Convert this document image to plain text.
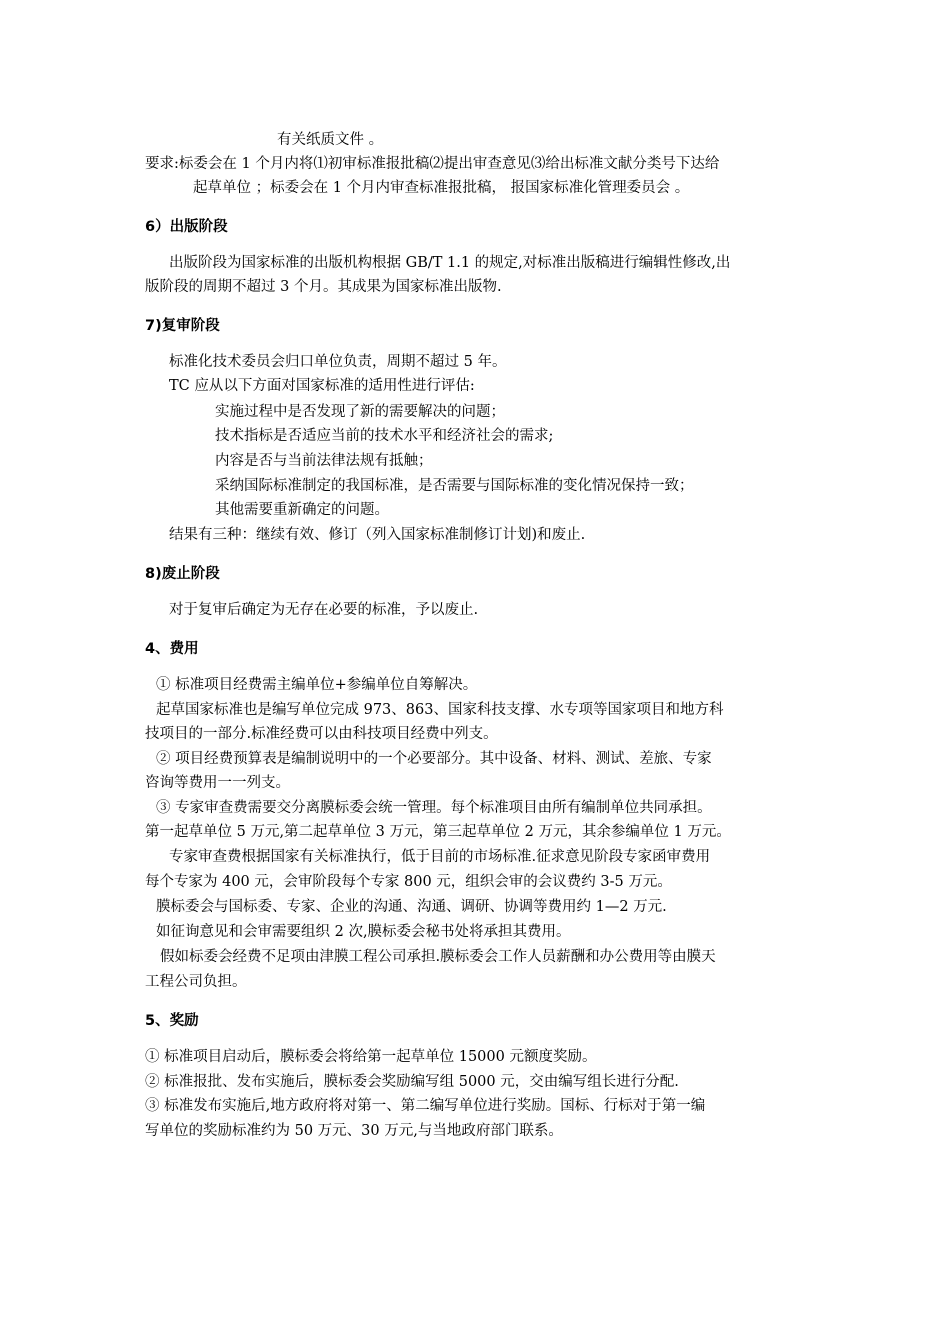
有关纸质文件 。
要求:标委会在 1 个月内将⑴初审标准报批稿⑵提出审查意见⑶给出标准文献分类号下达给
起草单位 ；标委会在 1 个月内审查标准报批稿， 报国家标准化管理委员会 。
6）出版阶段
出版阶段为国家标准的出版机构根据 GB/T 1.1 的规定,对标准出版稿进行编辑性修改,出
版阶段的周期不超过 3 个月。其成果为国家标准出版物.
7)复审阶段
标准化技术委员会归口单位负责，周期不超过 5 年。
TC 应从以下方面对国家标准的适用性进行评估:
实施过程中是否发现了新的需要解决的问题；
技术指标是否适应当前的技术水平和经济社会的需求;
内容是否与当前法律法规有抵触；
采纳国际标准制定的我国标准，是否需要与国际标准的变化情况保持一致；
其他需要重新确定的问题。
结果有三种：继续有效、修订（列入国家标准制修订计划)和废止.
8)废止阶段
对于复审后确定为无存在必要的标准，予以废止.
4、费用
① 标准项目经费需主编单位+参编单位自筹解决。
起草国家标准也是编写单位完成 973、863、国家科技支撑、水专项等国家项目和地方科
技项目的一部分.标准经费可以由科技项目经费中列支。
② 项目经费预算表是编制说明中的一个必要部分。其中设备、材料、测试、差旅、专家
咨询等费用一一列支。
③ 专家审查费需要交分离膜标委会统一管理。每个标准项目由所有编制单位共同承担。
第一起草单位 5 万元,第二起草单位 3 万元，第三起草单位 2 万元，其余参编单位 1 万元。
专家审查费根据国家有关标准执行，低于目前的市场标准.征求意见阶段专家函审费用
每个专家为 400 元，会审阶段每个专家 800 元，组织会审的会议费约 3-5 万元。
膜标委会与国标委、专家、企业的沟通、沟通、调研、协调等费用约 1—2 万元.
如征询意见和会审需要组织 2 次,膜标委会秘书处将承担其费用。
假如标委会经费不足项由津膜工程公司承担.膜标委会工作人员薪酬和办公费用等由膜天
工程公司负担。
5、奖励
① 标准项目启动后，膜标委会将给第一起草单位 15000 元额度奖励。
② 标准报批、发布实施后，膜标委会奖励编写组 5000 元，交由编写组长进行分配.
③ 标准发布实施后,地方政府将对第一、第二编写单位进行奖励。国标、行标对于第一编
写单位的奖励标准约为 50 万元、30 万元,与当地政府部门联系。
